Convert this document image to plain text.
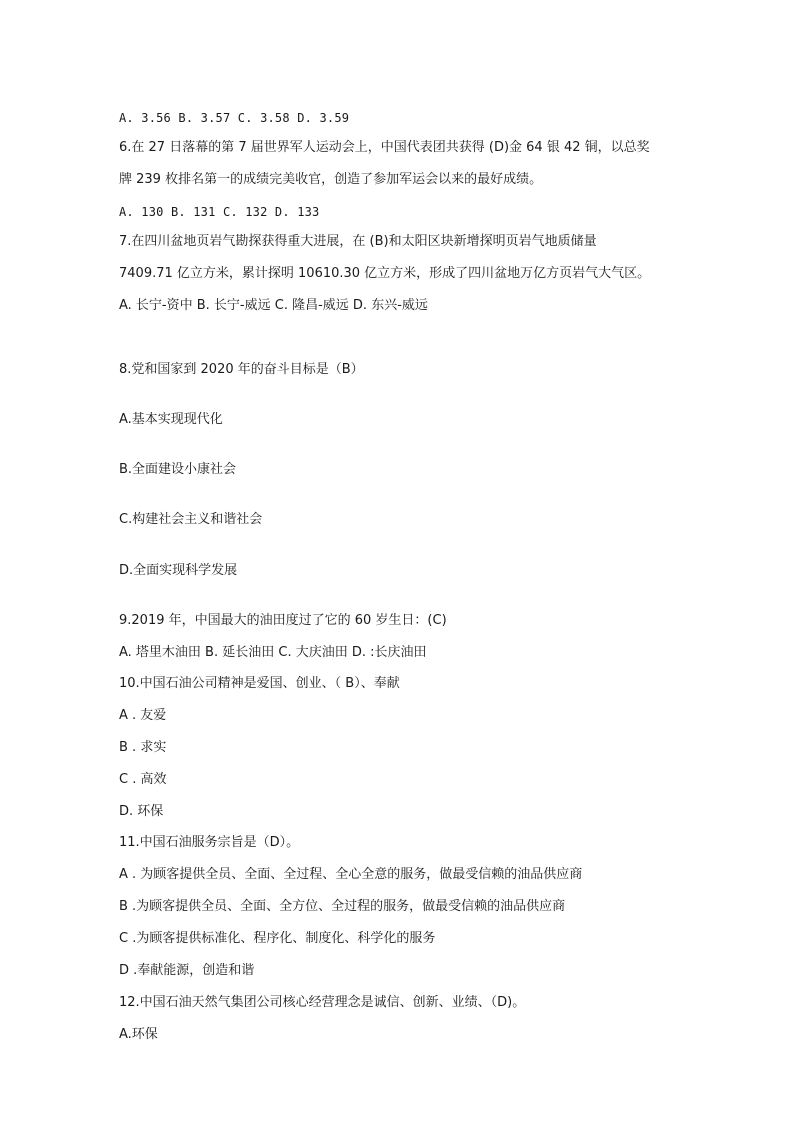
A. 3.56 B. 3.57 C. 3.58 D. 3.59
6.在 27 日落幕的第 7 届世界军人运动会上，中国代表团共获得 (D)金 64 银 42 铜，以总奖
牌 239 枚排名第一的成绩完美收官，创造了参加军运会以来的最好成绩。
A. 130 B. 131 C. 132 D. 133
7.在四川盆地页岩气勘探获得重大进展，在 (B)和太阳区块新增探明页岩气地质储量
7409.71 亿立方米，累计探明 10610.30 亿立方米，形成了四川盆地万亿方页岩气大气区。
A. 长宁-资中 B. 长宁-威远 C. 隆昌-威远 D. 东兴-威远
8.党和国家到 2020 年的奋斗目标是（B）
A.基本实现现代化
B.全面建设小康社会
C.构建社会主义和谐社会
D.全面实现科学发展
9.2019 年，中国最大的油田度过了它的 60 岁生日：(C)
A. 塔里木油田 B. 延长油田 C. 大庆油田 D. :长庆油田
10.中国石油公司精神是爱国、创业、（ B）、奉献
A . 友爱
B . 求实
C . 高效
D. 环保
11.中国石油服务宗旨是（D）。
A . 为顾客提供全员、全面、全过程、全心全意的服务，做最受信赖的油品供应商
B .为顾客提供全员、全面、全方位、全过程的服务，做最受信赖的油品供应商
C .为顾客提供标准化、程序化、制度化、科学化的服务
D .奉献能源，创造和谐
12.中国石油天然气集团公司核心经营理念是诚信、创新、业绩、（D)。
A.环保
